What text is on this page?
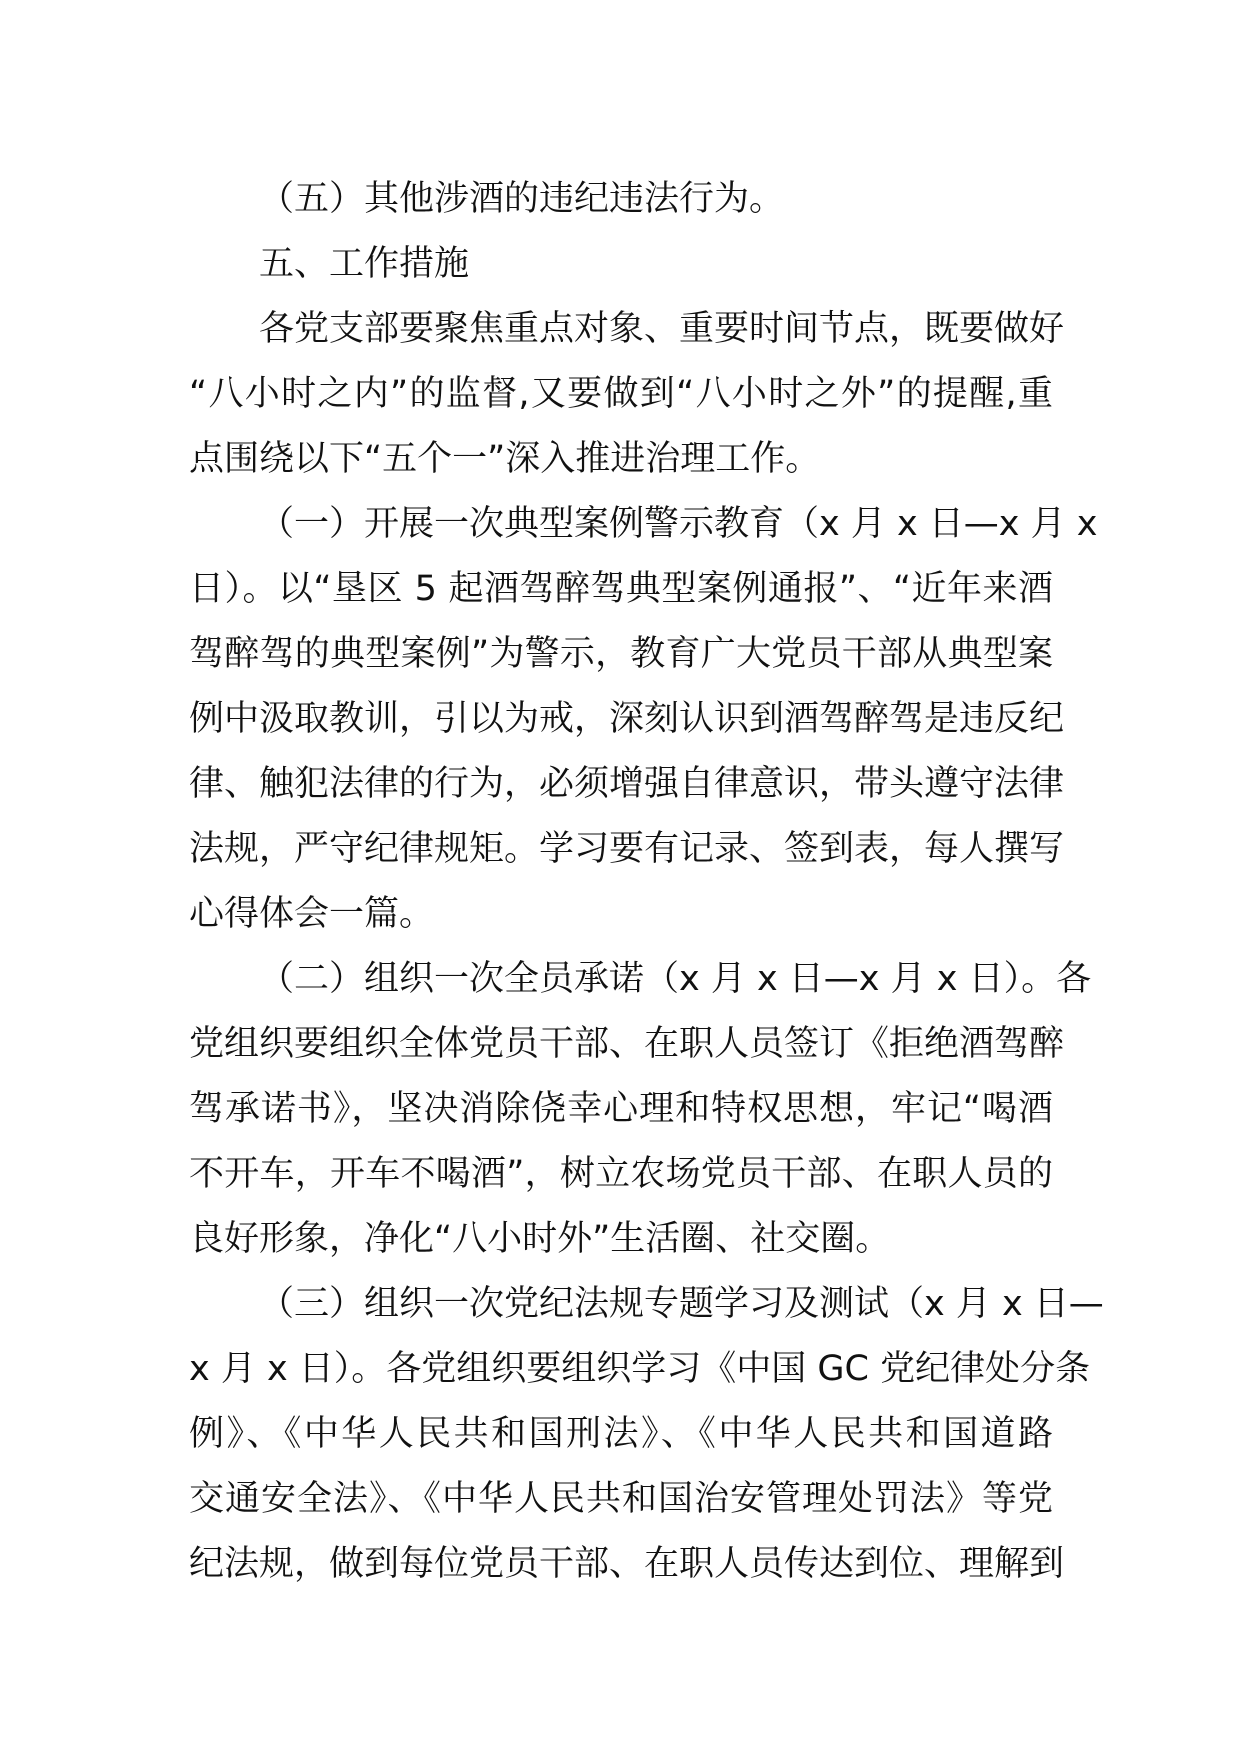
（五）其他涉酒的违纪违法行为。
五、工作措施
各党支部要聚焦重点对象、重要时间节点，既要做好
“八小时之内”的监督,又要做到“八小时之外”的提醒,重
点围绕以下“五个一”深入推进治理工作。
（一）开展一次典型案例警示教育（x 月 x 日—x 月 x
日）。以“垦区 5 起酒驾醉驾典型案例通报”、“近年来酒
驾醉驾的典型案例”为警示，教育广大党员干部从典型案
例中汲取教训，引以为戒，深刻认识到酒驾醉驾是违反纪
律、触犯法律的行为，必须增强自律意识，带头遵守法律
法规，严守纪律规矩。学习要有记录、签到表，每人撰写
心得体会一篇。
（二）组织一次全员承诺（x 月 x 日—x 月 x 日）。各
党组织要组织全体党员干部、在职人员签订《拒绝酒驾醉
驾承诺书》，坚决消除侥幸心理和特权思想，牢记“喝酒
不开车，开车不喝酒”，树立农场党员干部、在职人员的
良好形象，净化“八小时外”生活圈、社交圈。
（三）组织一次党纪法规专题学习及测试（x 月 x 日—
x 月 x 日）。各党组织要组织学习《中国 GC 党纪律处分条
例》、《中华人民共和国刑法》、《中华人民共和国道路
交通安全法》、《中华人民共和国治安管理处罚法》等党
纪法规，做到每位党员干部、在职人员传达到位、理解到
